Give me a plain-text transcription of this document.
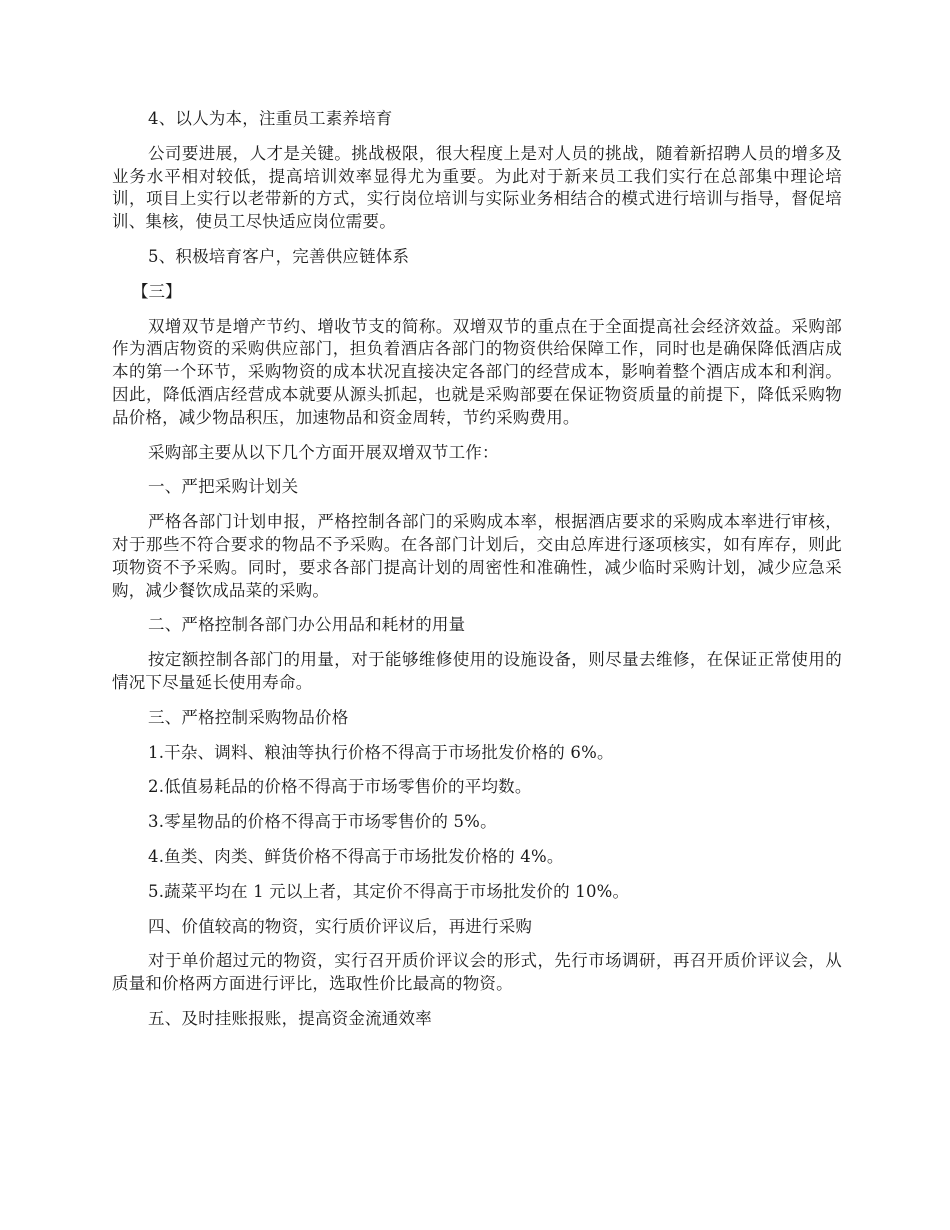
4、以人为本，注重员工素养培育

公司要进展，人才是关键。挑战极限，很大程度上是对人员的挑战，随着新招聘人员的增多及业务水平相对较低，提高培训效率显得尤为重要。为此对于新来员工我们实行在总部集中理论培训，项目上实行以老带新的方式，实行岗位培训与实际业务相结合的模式进行培训与指导，督促培训、集核，使员工尽快适应岗位需要。

5、积极培育客户，完善供应链体系

【三】

双增双节是增产节约、增收节支的简称。双增双节的重点在于全面提高社会经济效益。采购部作为酒店物资的采购供应部门，担负着酒店各部门的物资供给保障工作，同时也是确保降低酒店成本的第一个环节，采购物资的成本状况直接决定各部门的经营成本，影响着整个酒店成本和利润。因此，降低酒店经营成本就要从源头抓起，也就是采购部要在保证物资质量的前提下，降低采购物品价格，减少物品积压，加速物品和资金周转，节约采购费用。

采购部主要从以下几个方面开展双增双节工作：

一、严把采购计划关

严格各部门计划申报，严格控制各部门的采购成本率，根据酒店要求的采购成本率进行审核，对于那些不符合要求的物品不予采购。在各部门计划后，交由总库进行逐项核实，如有库存，则此项物资不予采购。同时，要求各部门提高计划的周密性和准确性，减少临时采购计划，减少应急采购，减少餐饮成品菜的采购。

二、严格控制各部门办公用品和耗材的用量

按定额控制各部门的用量，对于能够维修使用的设施设备，则尽量去维修，在保证正常使用的情况下尽量延长使用寿命。

三、严格控制采购物品价格

1.干杂、调料、粮油等执行价格不得高于市场批发价格的 6%。

2.低值易耗品的价格不得高于市场零售价的平均数。

3.零星物品的价格不得高于市场零售价的 5%。

4.鱼类、肉类、鲜货价格不得高于市场批发价格的 4%。

5.蔬菜平均在 1 元以上者，其定价不得高于市场批发价的 10%。

四、价值较高的物资，实行质价评议后，再进行采购

对于单价超过元的物资，实行召开质价评议会的形式，先行市场调研，再召开质价评议会，从质量和价格两方面进行评比，选取性价比最高的物资。

五、及时挂账报账，提高资金流通效率
